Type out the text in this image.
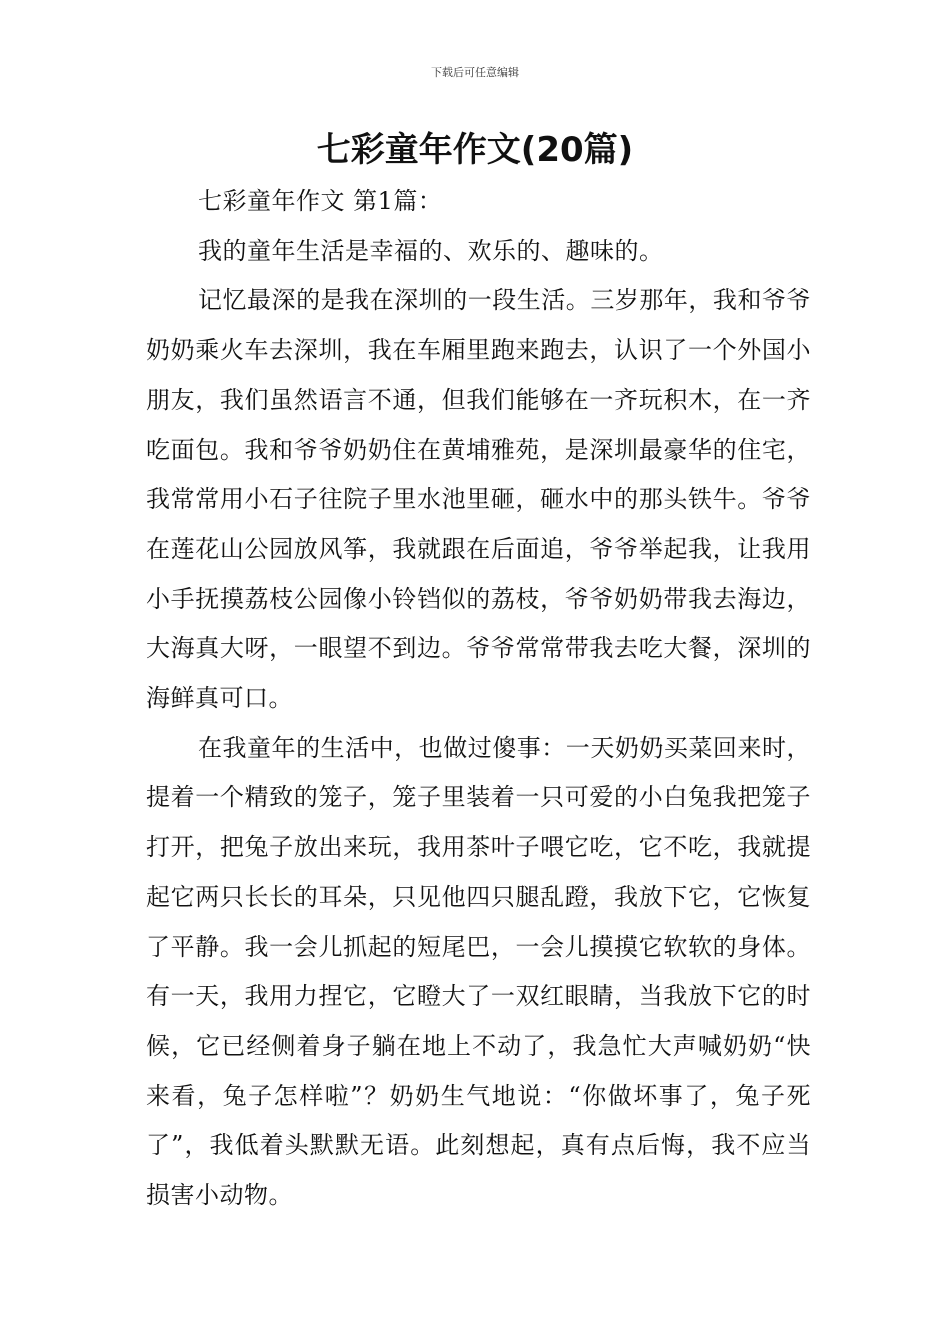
下载后可任意编辑
七彩童年作文(20篇)

七彩童年作文 第1篇：

我的童年生活是幸福的、欢乐的、趣味的。

记忆最深的是我在深圳的一段生活。三岁那年，我和爷爷奶奶乘火车去深圳，我在车厢里跑来跑去，认识了一个外国小朋友，我们虽然语言不通，但我们能够在一齐玩积木，在一齐吃面包。我和爷爷奶奶住在黄埔雅苑，是深圳最豪华的住宅，我常常用小石子往院子里水池里砸，砸水中的那头铁牛。爷爷在莲花山公园放风筝，我就跟在后面追，爷爷举起我，让我用小手抚摸荔枝公园像小铃铛似的荔枝，爷爷奶奶带我去海边，大海真大呀，一眼望不到边。爷爷常常带我去吃大餐，深圳的海鲜真可口。

在我童年的生活中，也做过傻事：一天奶奶买菜回来时，提着一个精致的笼子，笼子里装着一只可爱的小白兔我把笼子打开，把兔子放出来玩，我用茶叶子喂它吃，它不吃，我就提起它两只长长的耳朵，只见他四只腿乱蹬，我放下它，它恢复了平静。我一会儿抓起的短尾巴，一会儿摸摸它软软的身体。有一天，我用力捏它，它瞪大了一双红眼睛，当我放下它的时候，它已经侧着身子躺在地上不动了，我急忙大声喊奶奶“快来看，兔子怎样啦”？奶奶生气地说：“你做坏事了，兔子死了”，我低着头默默无语。此刻想起，真有点后悔，我不应当损害小动物。
